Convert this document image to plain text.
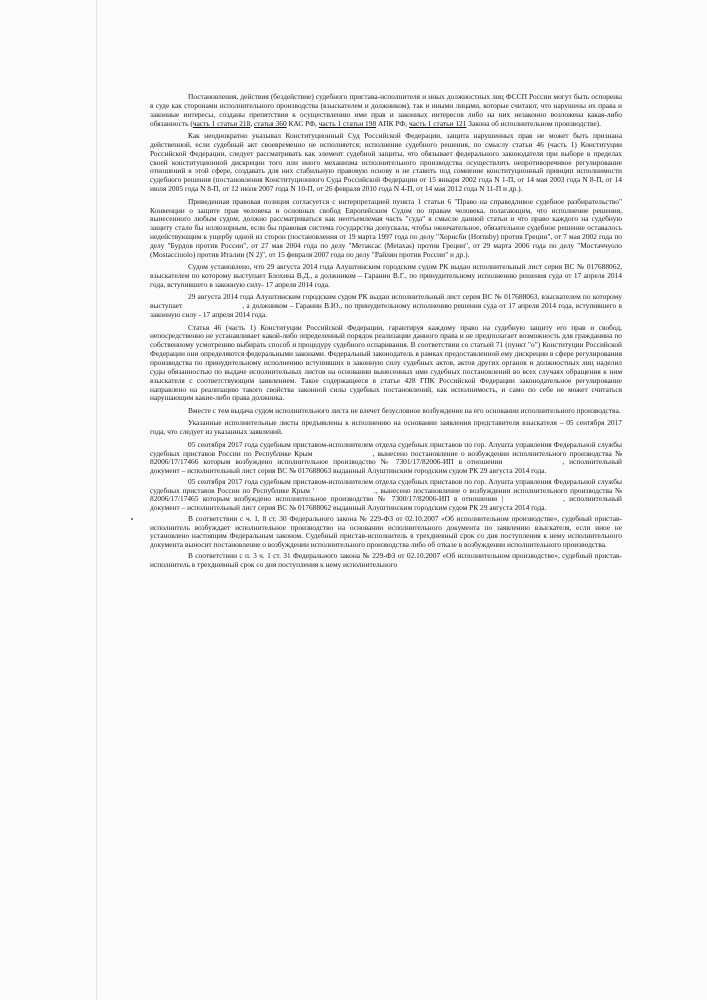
Постановления, действия (бездействие) судебного пристава-исполнителя и иных должностных лиц ФССП России могут быть оспорены в суде как сторонами исполнительного производства (взыскателем и должником), так и иными лицами, которые считают, что нарушены их права и законные интересы, созданы препятствия к осуществлению ими прав и законных интересов либо на них незаконно возложена какая-либо обязанность (часть 1 статьи 218, статья 360 КАС РФ, часть 1 статьи 198 АПК РФ, часть 1 статьи 121 Закона об исполнительном производстве).

Как неоднократно указывал Конституционный Суд Российской Федерации, защита нарушенных прав не может быть признана действенной, если судебный акт своевременно не исполняется; исполнение судебного решения, по смыслу статьи 46 (часть 1) Конституции Российской Федерации, следует рассматривать как элемент судебной защиты, что обязывает федерального законодателя при выборе в пределах своей конституционной дискреции того или иного механизма исполнительного производства осуществлять непротиворечивое регулирование отношений в этой сфере, создавать для них стабильную правовую основу и не ставить под сомнение конституционный принцип исполнимости судебного решения (постановления Конституционного Суда Российской Федерации от 15 января 2002 года N 1-П, от 14 мая 2003 года N 8-П, от 14 июля 2005 года N 8-П, от 12 июля 2007 года N 10-П, от 26 февраля 2010 года N 4-П, от 14 мая 2012 года N 11-П и др.).

Приведенная правовая позиция согласуется с интерпретацией пункта 1 статьи 6 "Право на справедливое судебное разбирательство" Конвенции о защите прав человека и основных свобод Европейским Судом по правам человека, полагающим, что исполнение решения, вынесенного любым судом, должно рассматриваться как неотъемлемая часть "суда" в смысле данной статьи и что право каждого на судебную защиту стало бы иллюзорным, если бы правовая система государства допускала, чтобы окончательное, обязательное судебное решение оставалось недействующим к ущербу одной из сторон (постановления от 19 марта 1997 года по делу "Хорнсби (Hornsby) против Греции", от 7 мая 2002 года по делу "Бурдов против России", от 27 мая 2004 года по делу "Метаксас (Metaxas) против Греции", от 29 марта 2006 года по делу "Мостаччуоло (Mostacciuolo) против Италии (N 2)", от 15 февраля 2007 года по делу "Райлян против России" и др.).

Судом установлено, что 29 августа 2014 года Алуштинским городским судом РК выдан исполнительный лист серия ВС № 017688062, взыскателем по которому выступает Блохина В.Д., а должником – Гаранин В.Г., по принудительному исполнению решения суда от 17 апреля 2014 года, вступившего в законную силу- 17 апреля 2014 года.

29 августа 2014 года Алуштинским городским судом РК выдан исполнительный лист серия ВС № 017688063, взыскателем по которому выступает	, а должником – Гаранин В.Ю., по принудительному исполнению решения суда от 17 апреля 2014 года, вступившего в законную силу - 17 апреля 2014 года.

Статья 46 (часть 1) Конституции Российской Федерации, гарантируя каждому право на судебную защиту его прав и свобод, непосредственно не устанавливает какой-либо определенный порядок реализации данного права и не предполагает возможность для гражданина по собственному усмотрению выбирать способ и процедуру судебного оспаривания. В соответствии со статьей 71 (пункт "о") Конституции Российской Федерации они определяются федеральными законами. Федеральный законодатель в рамках предоставленной ему дискреции в сфере регулирования производства по принудительному исполнению вступивших в законную силу судебных актов, актов других органов и должностных лиц наделил суды обязанностью по выдаче исполнительных листов на основании вынесенных ими судебных постановлений во всех случаях обращения к ним взыскателя с соответствующим заявлением. Такое содержащееся в статье 428 ГПК Российской Федерации законодательное регулирование направлено на реализацию такого свойства законной силы судебных постановлений, как исполнимость, и само по себе не может считаться нарушающим какие-либо права должника.

Вместе с тем выдача судом исполнительного листа не влечет безусловное возбуждение на его основании исполнительного производства.

Указанные исполнительные листы предъявлены к исполнению на основании заявления представителя взыскателя – 05 сентября 2017 года, что следует из указанных заявлений.

05 сентября 2017 года судебным приставом-исполнителем отдела судебных приставов по гор. Алушта управления Федеральной службы судебных приставов России по Республике Крым	, вынесено постановление о возбуждении исполнительного производства № 82006/17/17466 которым возбуждено исполнительное производство № 7301/17/82006-ИП в отношении	, исполнительный документ – исполнительный лист серия ВС № 017688063 выданный Алуштинским городским судом РК 29 августа 2014 года.

05 сентября 2017 года судебным приставом-исполнителем отдела судебных приставов по гор. Алушта управления Федеральной службы судебных приставов России по Республике Крым '	., вынесено постановление о возбуждении исполнительного производства № 82006/17/17465 которым возбуждено исполнительное производство № 7300/17/82006-ИП в отношении |	, исполнительный документ – исполнительный лист серия ВС № 017688062 выданный Алуштинским городским судом РК 29 августа 2014 года.

В соответствии с ч. 1, 8 ст. 30 Федерального закона № 229-ФЗ от 02.10.2007 «Об исполнительном производстве», судебный пристав-исполнитель возбуждает исполнительное производство на основании исполнительного документа по заявлению взыскателя, если иное не установлено настоящим Федеральным законом. Судебный пристав-исполнитель в трехдневный срок со дня поступления к нему исполнительного документа выносит постановление о возбуждении исполнительного производства либо об отказе в возбуждении исполнительного производства.

В соответствии с п. 3 ч. 1 ст. 31 Федерального закона № 229-ФЗ от 02.10.2007 «Об исполнительном производстве», судебный пристав-исполнитель в трехдневный срок со дня поступления к нему исполнительного
